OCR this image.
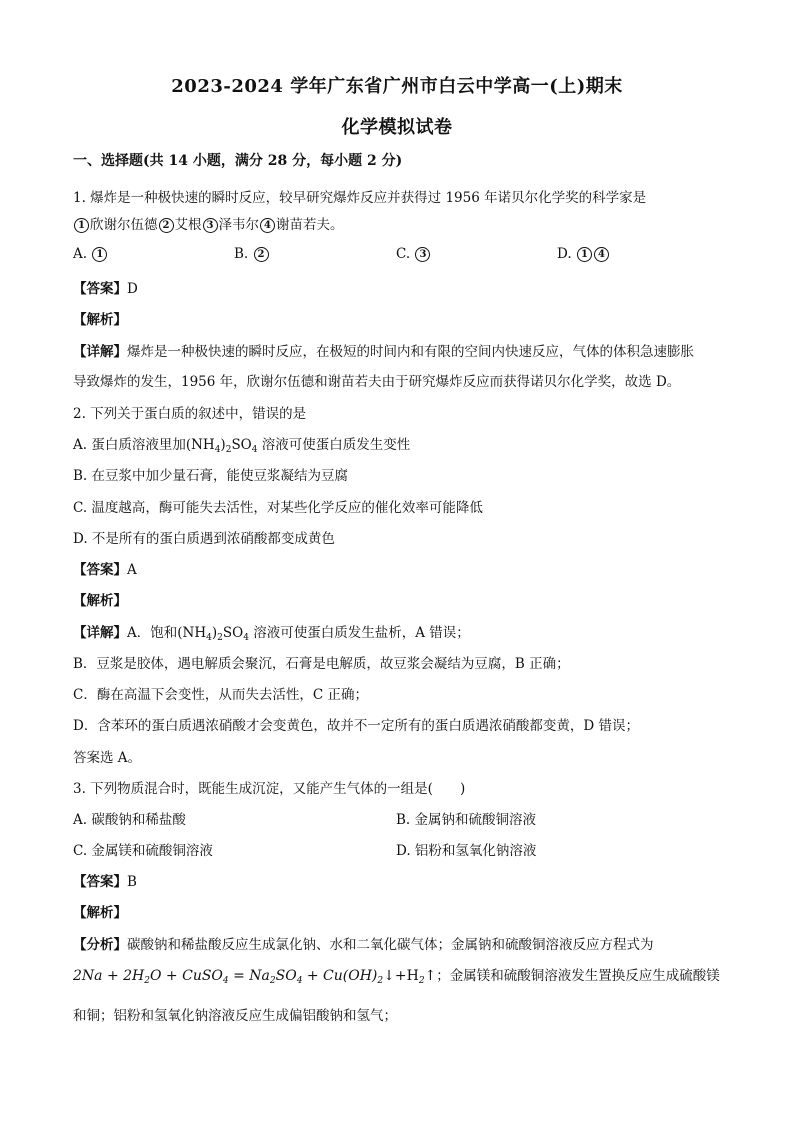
2023-2024 学年广东省广州市白云中学高一(上)期末
化学模拟试卷
一、选择题(共 14 小题，满分 28 分，每小题 2 分)
1. 爆炸是一种极快速的瞬时反应，较早研究爆炸反应并获得过 1956 年诺贝尔化学奖的科学家是
1 欣谢尔伍德 2 艾根 3 泽韦尔 4 谢苗若夫。
A. 1	B. 2	C. 3	D. 1 4
【答案】D
【解析】
【详解】爆炸是一种极快速的瞬时反应，在极短的时间内和有限的空间内快速反应，气体的体积急速膨胀
导致爆炸的发生，1956 年，欣谢尔伍德和谢苗若夫由于研究爆炸反应而获得诺贝尔化学奖，故选 D。
2. 下列关于蛋白质的叙述中，错误的是
A. 蛋白质溶液里加$(NH_4)_2SO_4$ 溶液可使蛋白质发生变性
B. 在豆浆中加少量石膏，能使豆浆凝结为豆腐
C. 温度越高，酶可能失去活性，对某些化学反应的催化效率可能降低
D. 不是所有的蛋白质遇到浓硝酸都变成黄色
【答案】A
【解析】
【详解】A．饱和$(NH_4)_2SO_4$ 溶液可使蛋白质发生盐析，A 错误；
B．豆浆是胶体，遇电解质会聚沉，石膏是电解质，故豆浆会凝结为豆腐，B 正确；
C．酶在高温下会变性，从而失去活性，C 正确；
D．含苯环的蛋白质遇浓硝酸才会变黄色，故并不一定所有的蛋白质遇浓硝酸都变黄，D 错误；
答案选 A。
3. 下列物质混合时，既能生成沉淀，又能产生气体的一组是(　　)
A. 碳酸钠和稀盐酸	B. 金属钠和硫酸铜溶液
C. 金属镁和硫酸铜溶液	D. 铝粉和氢氧化钠溶液
【答案】B
【解析】
【分析】碳酸钠和稀盐酸反应生成氯化钠、水和二氧化碳气体；金属钠和硫酸铜溶液反应方程式为
$2Na + 2H_2O$ + CuSO$_4$ = $Na_2SO_4$ + $Cu(OH)_2↓+H_2↑$；金属镁和硫酸铜溶液发生置换反应生成硫酸镁
和铜；铝粉和氢氧化钠溶液反应生成偏铝酸钠和氢气；
